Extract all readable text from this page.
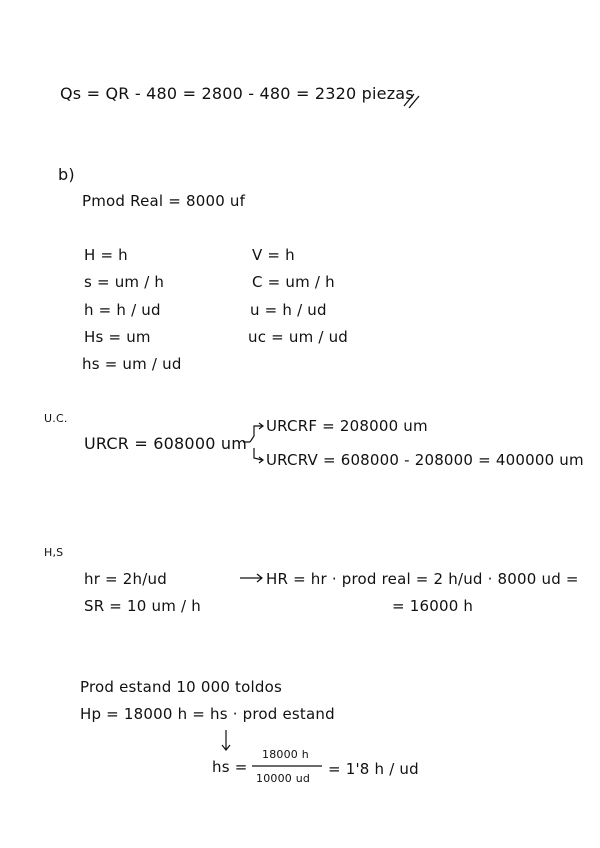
Qs = QR - 480 = 2800 - 480 = 2320 piezas
b)
Pmod Real = 8000 uf
H = h	V = h
s = um / h	C = um / h
h = h / ud	u = h / ud
Hs = um	uc = um / ud
hs = um / ud
U.C.
URCR = 608000 um
URCRF = 208000 um
URCRV = 608000 - 208000 = 400000 um
H,S
hr = 2h/ud	HR = hr · prod real = 2 h/ud · 8000 ud =
SR = 10 um / h	= 16000 h
Prod estand 10 000 toldos
Hp = 18000 h = hs · prod estand
hs =
18000 h
10000 ud
= 1'8 h / ud
